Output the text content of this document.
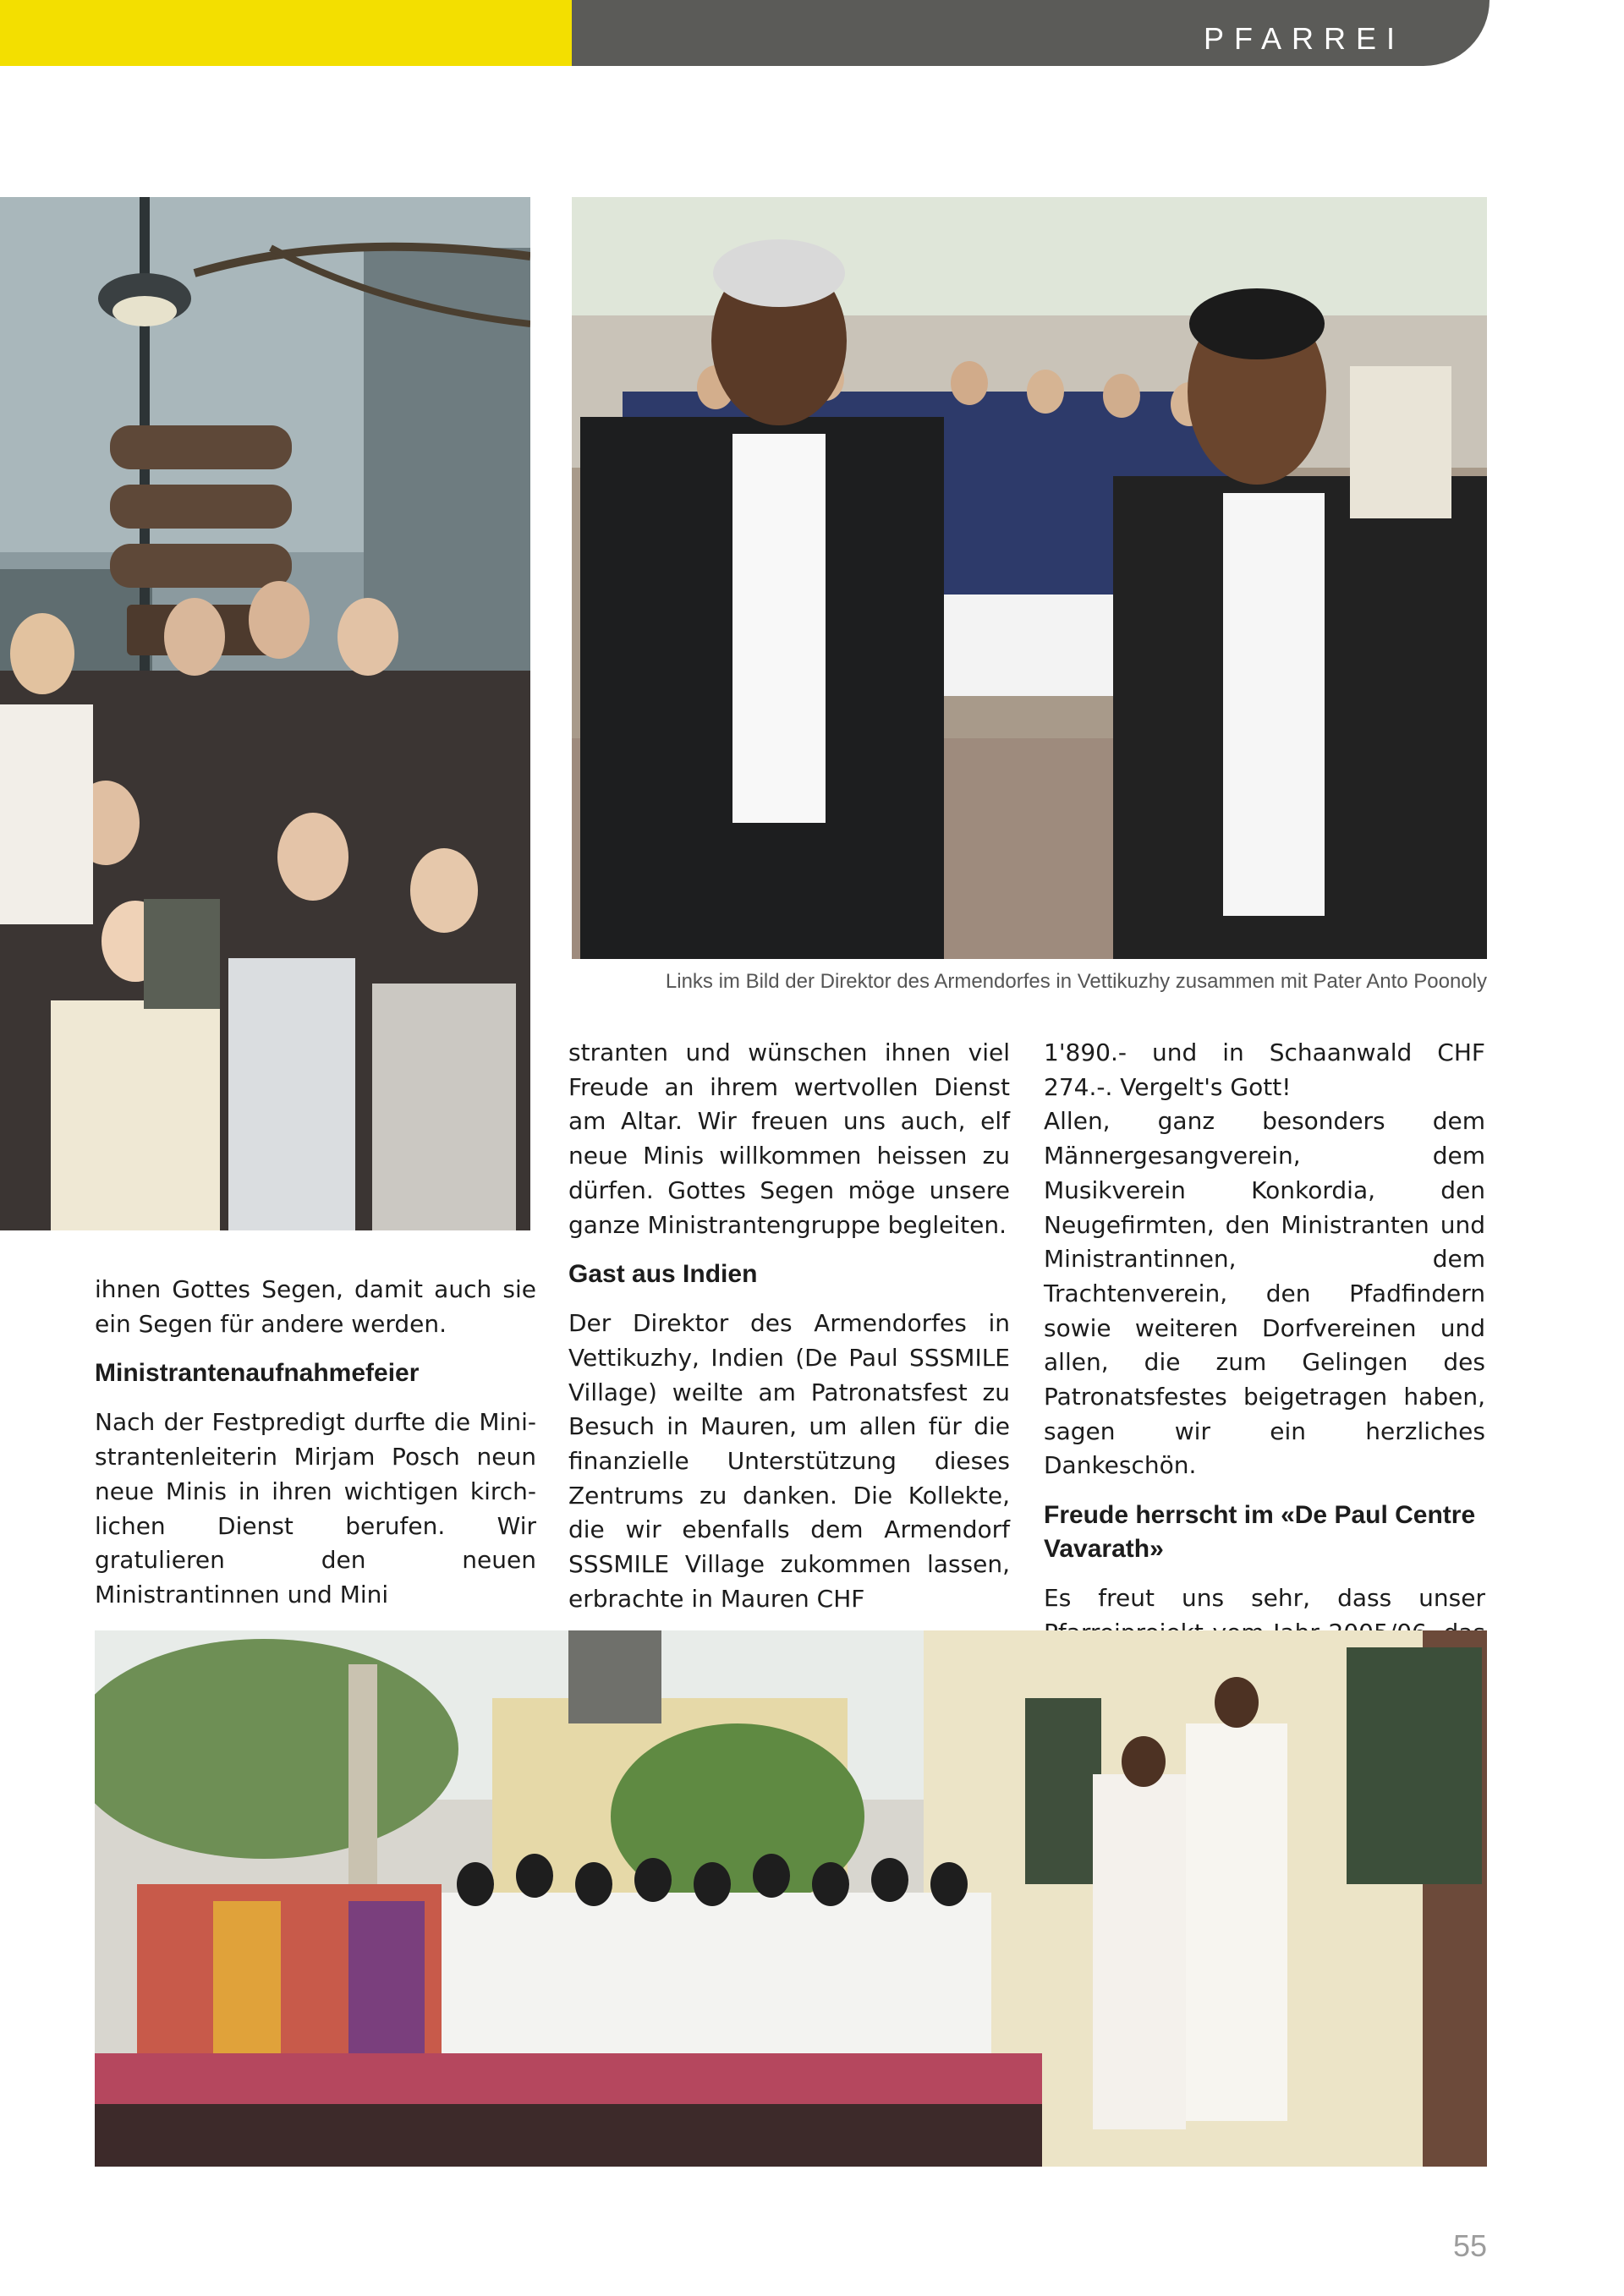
PFARREI
Links im Bild der Direktor des Armendorfes in Vettikuzhy zusammen mit Pater Anto Poonoly

ihnen Gottes Segen, damit auch sie ein Segen für andere werden.

Ministrantenaufnahmefeier

Nach der Festpredigt durfte die Ministrantenleiterin Mirjam Posch neun neue Minis in ihren wichtigen kirchlichen Dienst berufen. Wir gratulieren den neuen Ministrantinnen und Mini

stranten und wünschen ihnen viel Freude an ihrem wertvollen Dienst am Altar. Wir freuen uns auch, elf neue Minis willkommen heissen zu dürfen. Gottes Segen möge unsere ganze Ministrantengruppe begleiten.

Gast aus Indien

Der Direktor des Armendorfes in Vettikuzhy, Indien (De Paul SSSMILE Village) weilte am Patronatsfest zu Besuch in Mauren, um allen für die finanzielle Unterstützung dieses Zentrums zu danken. Die Kollekte, die wir ebenfalls dem Armendorf SSSMILE Village zukommen lassen, erbrachte in Mauren CHF

1'890.- und in Schaanwald CHF 274.-. Vergelt's Gott!

Allen, ganz besonders dem Männergesangverein, dem Musikverein Konkordia, den Neugefirmten, den Ministranten und Ministrantinnen, dem Trachtenverein, den Pfadfindern sowie weiteren Dorfvereinen und allen, die zum Gelingen des Patronatsfestes beigetragen haben, sagen wir ein herzliches Dankeschön.

Freude herrscht im «De Paul Centre Vavarath»

Es freut uns sehr, dass unser

55
